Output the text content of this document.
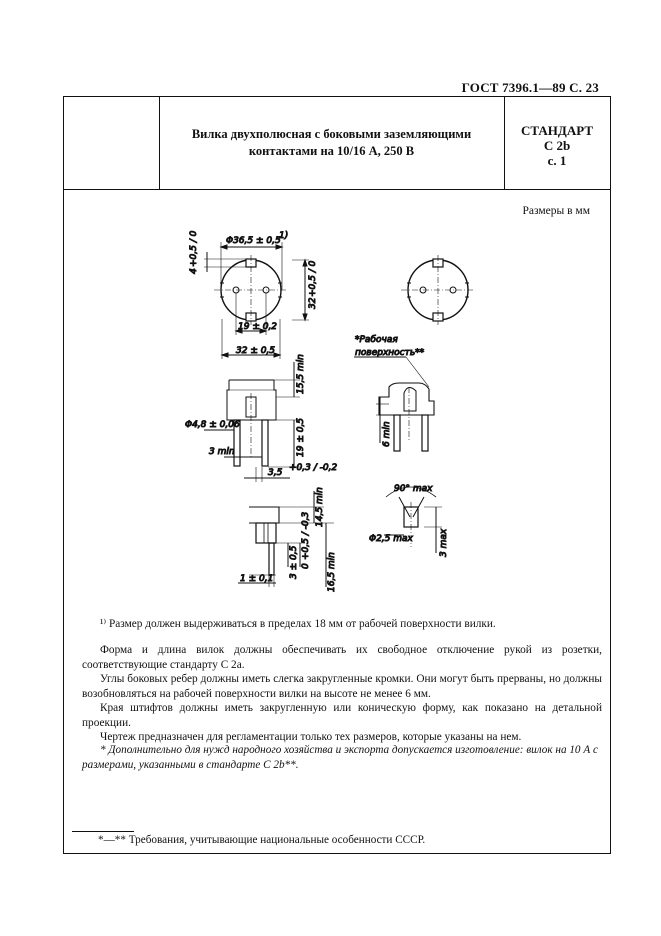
ГОСТ 7396.1—89 С. 23
Вилка двухполюсная с боковыми заземляющими контактами на 10/16 А, 250 В
СТАНДАРТ
С 2b
с. 1
Размеры в мм
Φ36,5 ± 0,5
1)
4
+0,5 / 0
32
+0,5 / 0
19 ± 0,2
32 ± 0,5
15,5 min
Φ4,8 ± 0,06	19 ± 0,5
3 min
3,5 +0,3 / -0,2
*Рабочая
поверхность**
6 min
90° max
Φ2,5 max	3 max
14,5 min
16,5 min
3 ± 0,5 0
+0,5 / -0,3
1 ± 0,1

¹⁾ Размер должен выдерживаться в пределах 18 мм от рабочей поверхности вилки.

Форма и длина вилок должны обеспечивать их свободное отключение рукой из розетки, соответствующие стандарту С 2а.

Углы боковых ребер должны иметь слегка закругленные кромки. Они могут быть прерваны, но должны возобновляться на рабочей поверхности вилки на высоте не менее 6 мм.

Края штифтов должны иметь закругленную или коническую форму, как показано на детальной проекции.

Чертеж предназначен для регламентации только тех размеров, которые указаны на нем.

* Дополнительно для нужд народного хозяйства и экспорта допускается изготовление: вилок на 10 А с размерами, указанными в стандарте С 2b**.

*—** Требования, учитывающие национальные особенности СССР.
